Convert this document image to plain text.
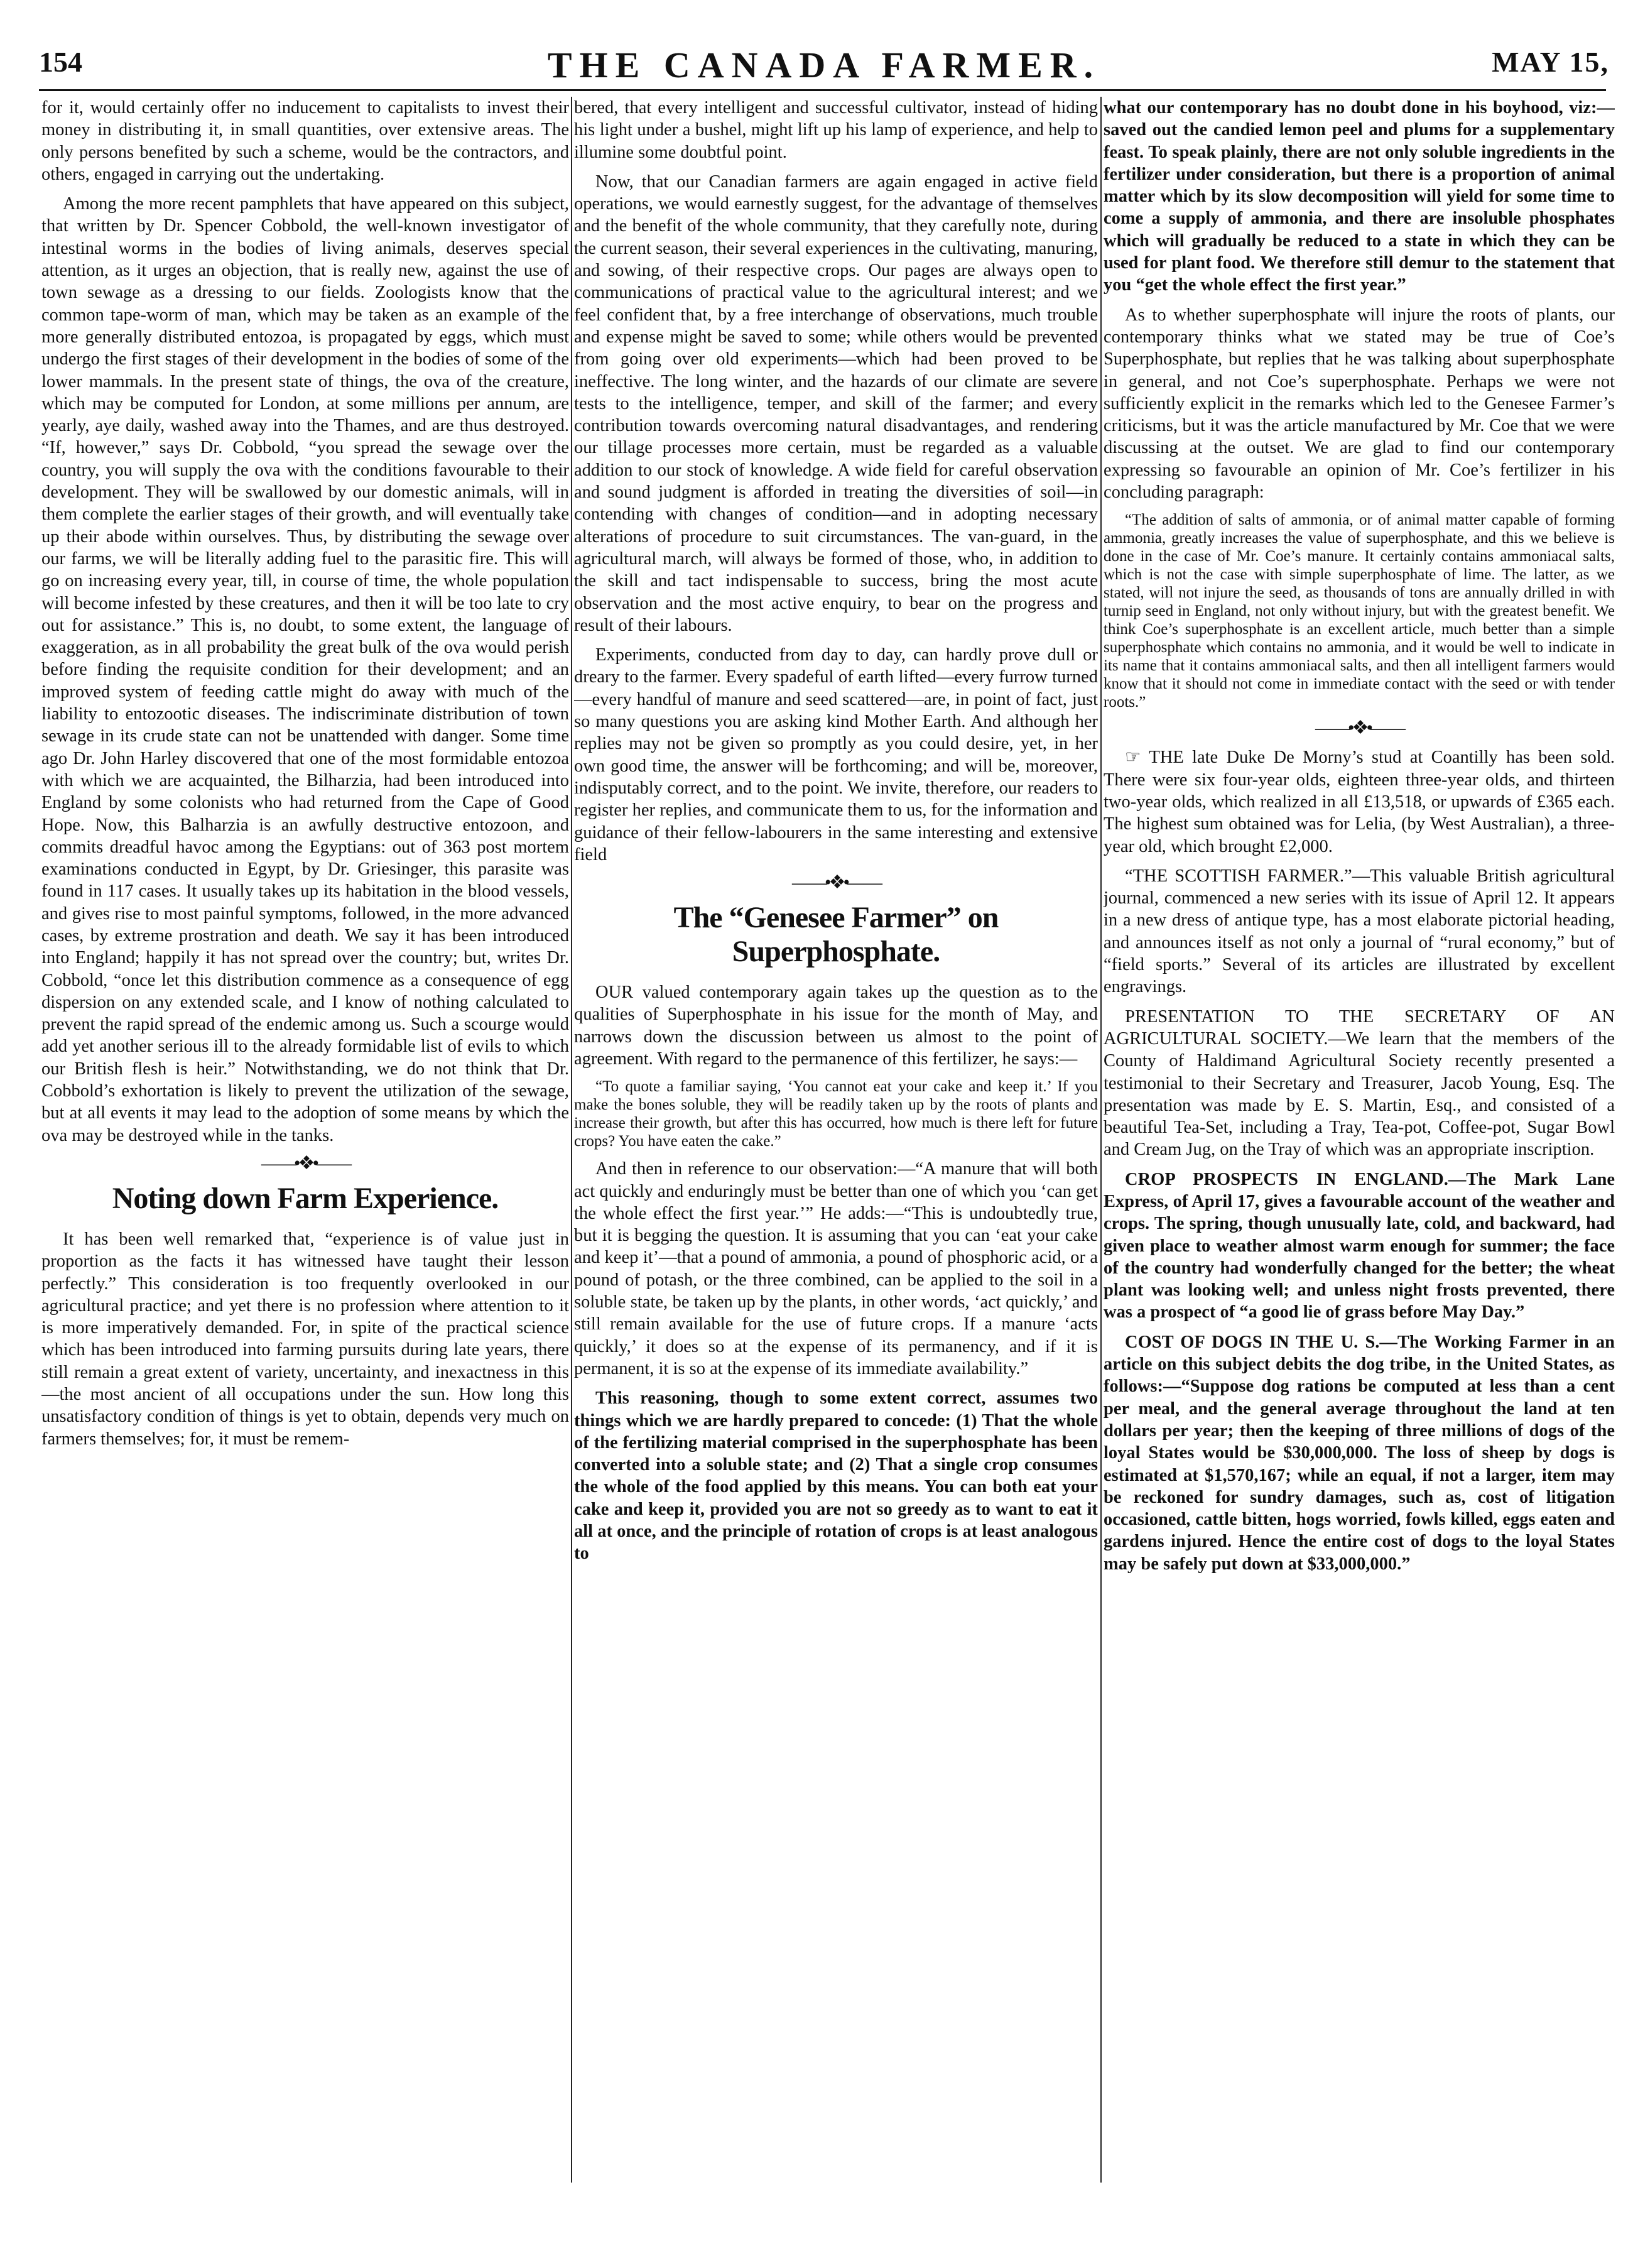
154	THE CANADA FARMER.	MAY 15,

for it, would certainly offer no inducement to capitalists to invest their money in distributing it, in small quantities, over extensive areas. The only persons benefited by such a scheme, would be the contractors, and others, engaged in carrying out the undertaking.

Among the more recent pamphlets that have appeared on this subject, that written by Dr. Spencer Cobbold, the well-known investigator of intestinal worms in the bodies of living animals, deserves special attention, as it urges an objection, that is really new, against the use of town sewage as a dressing to our fields. Zoologists know that the common tape-worm of man, which may be taken as an example of the more generally distributed entozoa, is propagated by eggs, which must undergo the first stages of their development in the bodies of some of the lower mammals. In the present state of things, the ova of the creature, which may be computed for London, at some millions per annum, are yearly, aye daily, washed away into the Thames, and are thus destroyed. “If, however,” says Dr. Cobbold, “you spread the sewage over the country, you will supply the ova with the conditions favourable to their development. They will be swallowed by our domestic animals, will in them complete the earlier stages of their growth, and will eventually take up their abode within ourselves. Thus, by distributing the sewage over our farms, we will be literally adding fuel to the parasitic fire. This will go on increasing every year, till, in course of time, the whole population will become infested by these creatures, and then it will be too late to cry out for assistance.” This is, no doubt, to some extent, the language of exaggeration, as in all probability the great bulk of the ova would perish before finding the requisite condition for their development; and an improved system of feeding cattle might do away with much of the liability to entozootic diseases. The indiscriminate distribution of town sewage in its crude state can not be unattended with danger. Some time ago Dr. John Harley discovered that one of the most formidable entozoa with which we are acquainted, the Bilharzia, had been introduced into England by some colonists who had returned from the Cape of Good Hope. Now, this Balharzia is an awfully destructive entozoon, and commits dreadful havoc among the Egyptians: out of 363 post mortem examinations conducted in Egypt, by Dr. Griesinger, this parasite was found in 117 cases. It usually takes up its habitation in the blood vessels, and gives rise to most painful symptoms, followed, in the more advanced cases, by extreme prostration and death. We say it has been introduced into England; happily it has not spread over the country; but, writes Dr. Cobbold, “once let this distribution commence as a consequence of egg dispersion on any extended scale, and I know of nothing calculated to prevent the rapid spread of the endemic among us. Such a scourge would add yet another serious ill to the already formidable list of evils to which our British flesh is heir.” Notwithstanding, we do not think that Dr. Cobbold’s exhortation is likely to prevent the utilization of the sewage, but at all events it may lead to the adoption of some means by which the ova may be destroyed while in the tanks.

——•❖•——
Noting down Farm Experience.

It has been well remarked that, “experience is of value just in proportion as the facts it has witnessed have taught their lesson perfectly.” This consideration is too frequently overlooked in our agricultural practice; and yet there is no profession where attention to it is more imperatively demanded. For, in spite of the practical science which has been introduced into farming pursuits during late years, there still remain a great extent of variety, uncertainty, and inexactness in this—the most ancient of all occupations under the sun. How long this unsatisfactory condition of things is yet to obtain, depends very much on farmers themselves; for, it must be remem-

bered, that every intelligent and successful cultivator, instead of hiding his light under a bushel, might lift up his lamp of experience, and help to illumine some doubtful point.

Now, that our Canadian farmers are again engaged in active field operations, we would earnestly suggest, for the advantage of themselves and the benefit of the whole community, that they carefully note, during the current season, their several experiences in the cultivating, manuring, and sowing, of their respective crops. Our pages are always open to communications of practical value to the agricultural interest; and we feel confident that, by a free interchange of observations, much trouble and expense might be saved to some; while others would be prevented from going over old experiments—which had been proved to be ineffective. The long winter, and the hazards of our climate are severe tests to the intelligence, temper, and skill of the farmer; and every contribution towards overcoming natural disadvantages, and rendering our tillage processes more certain, must be regarded as a valuable addition to our stock of knowledge. A wide field for careful observation and sound judgment is afforded in treating the diversities of soil—in contending with changes of condition—and in adopting necessary alterations of procedure to suit circumstances. The van-guard, in the agricultural march, will always be formed of those, who, in addition to the skill and tact indispensable to success, bring the most acute observation and the most active enquiry, to bear on the progress and result of their labours.

Experiments, conducted from day to day, can hardly prove dull or dreary to the farmer. Every spadeful of earth lifted—every furrow turned—every handful of manure and seed scattered—are, in point of fact, just so many questions you are asking kind Mother Earth. And although her replies may not be given so promptly as you could desire, yet, in her own good time, the answer will be forthcoming; and will be, moreover, indisputably correct, and to the point. We invite, therefore, our readers to register her replies, and communicate them to us, for the information and guidance of their fellow-labourers in the same interesting and extensive field

——•❖•——
The “Genesee Farmer” on Superphosphate.

OUR valued contemporary again takes up the question as to the qualities of Superphosphate in his issue for the month of May, and narrows down the discussion between us almost to the point of agreement. With regard to the permanence of this fertilizer, he says:—

“To quote a familiar saying, ‘You cannot eat your cake and keep it.’ If you make the bones soluble, they will be readily taken up by the roots of plants and increase their growth, but after this has occurred, how much is there left for future crops? You have eaten the cake.”

And then in reference to our observation:—“A manure that will both act quickly and enduringly must be better than one of which you ‘can get the whole effect the first year.’” He adds:—“This is undoubtedly true, but it is begging the question. It is assuming that you can ‘eat your cake and keep it’—that a pound of ammonia, a pound of phosphoric acid, or a pound of potash, or the three combined, can be applied to the soil in a soluble state, be taken up by the plants, in other words, ‘act quickly,’ and still remain available for the use of future crops. If a manure ‘acts quickly,’ it does so at the expense of its permanency, and if it is permanent, it is so at the expense of its immediate availability.”

This reasoning, though to some extent correct, assumes two things which we are hardly prepared to concede: (1) That the whole of the fertilizing material comprised in the superphosphate has been converted into a soluble state; and (2) That a single crop consumes the whole of the food applied by this means. You can both eat your cake and keep it, provided you are not so greedy as to want to eat it all at once, and the principle of rotation of crops is at least analogous to

what our contemporary has no doubt done in his boyhood, viz:—saved out the candied lemon peel and plums for a supplementary feast. To speak plainly, there are not only soluble ingredients in the fertilizer under consideration, but there is a proportion of animal matter which by its slow decomposition will yield for some time to come a supply of ammonia, and there are insoluble phosphates which will gradually be reduced to a state in which they can be used for plant food. We therefore still demur to the statement that you “get the whole effect the first year.”

As to whether superphosphate will injure the roots of plants, our contemporary thinks what we stated may be true of Coe’s Superphosphate, but replies that he was talking about superphosphate in general, and not Coe’s superphosphate. Perhaps we were not sufficiently explicit in the remarks which led to the Genesee Farmer’s criticisms, but it was the article manufactured by Mr. Coe that we were discussing at the outset. We are glad to find our contemporary expressing so favourable an opinion of Mr. Coe’s fertilizer in his concluding paragraph:

“The addition of salts of ammonia, or of animal matter capable of forming ammonia, greatly increases the value of superphosphate, and this we believe is done in the case of Mr. Coe’s manure. It certainly contains ammoniacal salts, which is not the case with simple superphosphate of lime. The latter, as we stated, will not injure the seed, as thousands of tons are annually drilled in with turnip seed in England, not only without injury, but with the greatest benefit. We think Coe’s superphosphate is an excellent article, much better than a simple superphosphate which contains no ammonia, and it would be well to indicate in its name that it contains ammoniacal salts, and then all intelligent farmers would know that it should not come in immediate contact with the seed or with tender roots.”

——•❖•——

☞ THE late Duke De Morny’s stud at Coantilly has been sold. There were six four-year olds, eighteen three-year olds, and thirteen two-year olds, which realized in all £13,518, or upwards of £365 each. The highest sum obtained was for Lelia, (by West Australian), a three-year old, which brought £2,000.

“THE SCOTTISH FARMER.”—This valuable British agricultural journal, commenced a new series with its issue of April 12. It appears in a new dress of antique type, has a most elaborate pictorial heading, and announces itself as not only a journal of “rural economy,” but of “field sports.” Several of its articles are illustrated by excellent engravings.

PRESENTATION TO THE SECRETARY OF AN AGRICULTURAL SOCIETY.—We learn that the members of the County of Haldimand Agricultural Society recently presented a testimonial to their Secretary and Treasurer, Jacob Young, Esq. The presentation was made by E. S. Martin, Esq., and consisted of a beautiful Tea-Set, including a Tray, Tea-pot, Coffee-pot, Sugar Bowl and Cream Jug, on the Tray of which was an appropriate inscription.

CROP PROSPECTS IN ENGLAND.—The Mark Lane Express, of April 17, gives a favourable account of the weather and crops. The spring, though unusually late, cold, and backward, had given place to weather almost warm enough for summer; the face of the country had wonderfully changed for the better; the wheat plant was looking well; and unless night frosts prevented, there was a prospect of “a good lie of grass before May Day.”

COST OF DOGS IN THE U. S.—The Working Farmer in an article on this subject debits the dog tribe, in the United States, as follows:—“Suppose dog rations be computed at less than a cent per meal, and the general average throughout the land at ten dollars per year; then the keeping of three millions of dogs of the loyal States would be $30,000,000. The loss of sheep by dogs is estimated at $1,570,167; while an equal, if not a larger, item may be reckoned for sundry damages, such as, cost of litigation occasioned, cattle bitten, hogs worried, fowls killed, eggs eaten and gardens injured. Hence the entire cost of dogs to the loyal States may be safely put down at $33,000,000.”
